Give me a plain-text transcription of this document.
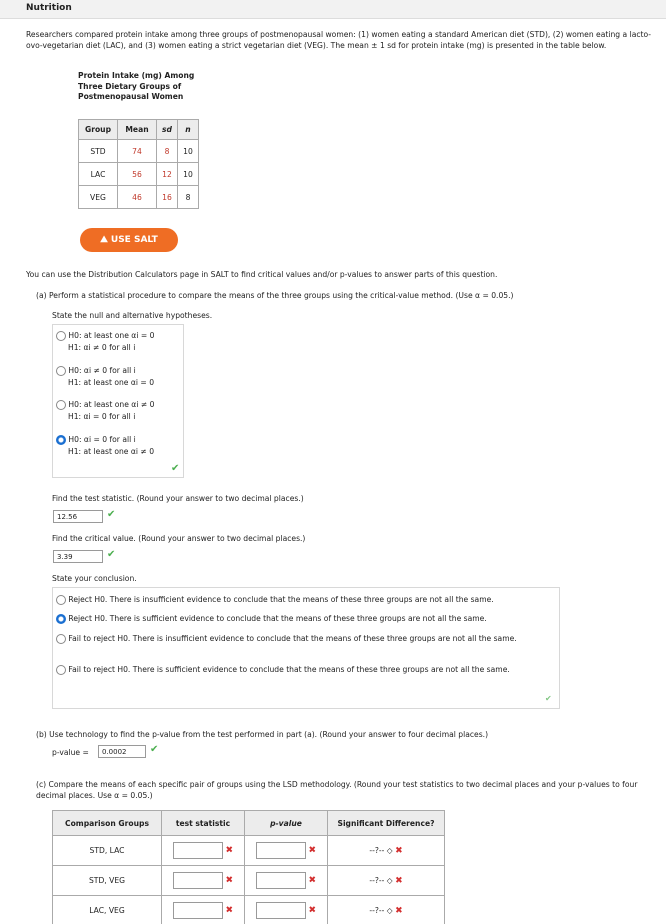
Nutrition
Researchers compared protein intake among three groups of postmenopausal women: (1) women eating a standard American diet (STD), (2) women eating a lacto-ovo-vegetarian diet (LAC), and (3) women eating a strict vegetarian diet (VEG). The mean ± 1 sd for protein intake (mg) is presented in the table below.
Protein Intake (mg) Among Three Dietary Groups of Postmenopausal Women
Group	Mean	sd	n
STD	74	8	10
LAC	56	12	10
VEG	46	16	8
⛰ USE SALT
You can use the Distribution Calculators page in SALT to find critical values and/or p-values to answer parts of this question.
(a) Perform a statistical procedure to compare the means of the three groups using the critical-value method. (Use α = 0.05.)
State the null and alternative hypotheses.
H0: at least one αi = 0
H1: αi ≠ 0 for all i
H0: αi ≠ 0 for all i
H1: at least one αi = 0
H0: at least one αi ≠ 0
H1: αi = 0 for all i
H0: αi = 0 for all i
H1: at least one αi ≠ 0
✔
Find the test statistic. (Round your answer to two decimal places.)
12.56	✔
Find the critical value. (Round your answer to two decimal places.)
3.39	✔
State your conclusion.
Reject H0. There is insufficient evidence to conclude that the means of these three groups are not all the same.
Reject H0. There is sufficient evidence to conclude that the means of these three groups are not all the same.
Fail to reject H0. There is insufficient evidence to conclude that the means of these three groups are not all the same.
Fail to reject H0. There is sufficient evidence to conclude that the means of these three groups are not all the same.
✔
(b) Use technology to find the p-value from the test performed in part (a). (Round your answer to four decimal places.)
p-value =	0.0002	✔
(c) Compare the means of each specific pair of groups using the LSD methodology. (Round your test statistics to two decimal places and your p-values to four decimal places. Use α = 0.05.)
Comparison Groups	test statistic	p-value	Significant Difference?
STD, LAC	✖	✖	--?-- ◇ ✖
STD, VEG	✖	✖	--?-- ◇ ✖
LAC, VEG	✖	✖	--?-- ◇ ✖
